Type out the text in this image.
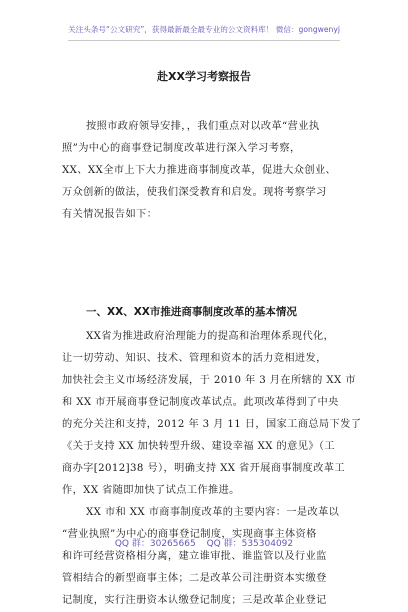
关注头条号“公文研究”，获得最新最全最专业的公文资料库！ 微信：gongwenyj
赴XX学习考察报告
按照市政府领导安排，，我们重点对以改革“营业执
照”为中心的商事登记制度改革进行深入学习考察，
XX、XX全市上下大力推进商事制度改革，促进大众创业、
万众创新的做法，使我们深受教育和启发。现将考察学习
有关情况报告如下：
一、XX、XX市推进商事制度改革的基本情况
XX省为推进政府治理能力的提高和治理体系现代化，
让一切劳动、知识、技术、管理和资本的活力竞相迸发，
加快社会主义市场经济发展，于 2010 年 3 月在所辖的 XX 市
和 XX 市开展商事登记制度改革试点。此项改革得到了中央
的充分关注和支持，2012 年 3 月 11 日，国家工商总局下发了
《关于支持 XX 加快转型升级、建设幸福 XX 的意见》（工
商办字[2012]38 号），明确支持 XX 省开展商事制度改革工
作，XX 省随即加快了试点工作推进。
XX 市和 XX 市商事制度改革的主要内容：一是改革以
“营业执照”为中心的商事登记制度，实现商事主体资格
和许可经营资格相分离，建立谁审批、谁监管以及行业监
管相结合的新型商事主体；二是改革公司注册资本实缴登
记制度，实行注册资本认缴登记制度；三是改革企业登记
QQ 群：30265665 QQ 群：535304092
